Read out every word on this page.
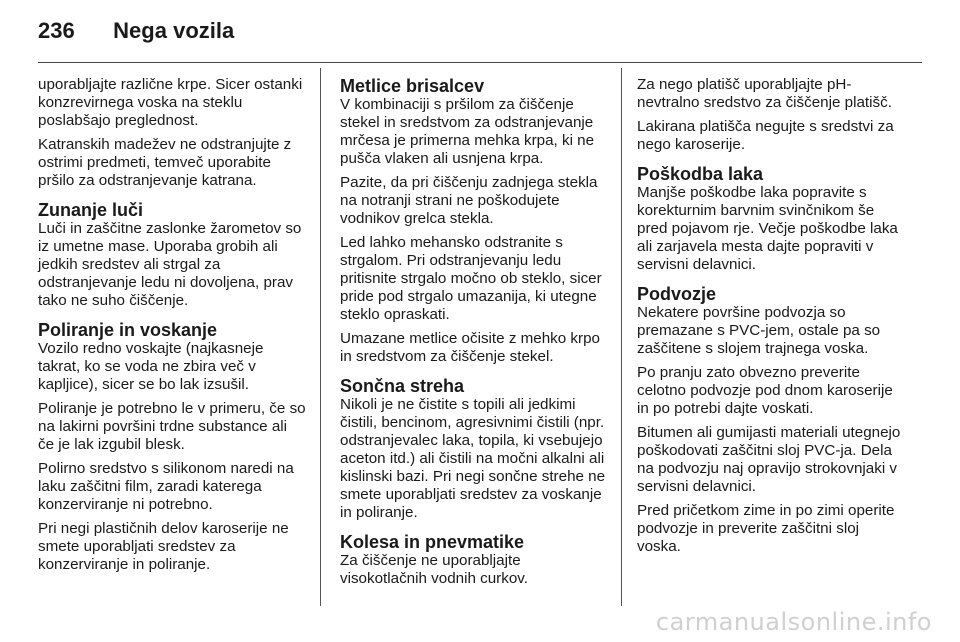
236 Nega vozila

uporabljajte različne krpe. Sicer ostanki konzrevirnega voska na steklu poslabšajo preglednost.

Katranskih madežev ne odstranjujte z ostrimi predmeti, temveč uporabite pršilo za odstranjevanje katrana.

Zunanje luči

Luči in zaščitne zaslonke žarometov so iz umetne mase. Uporaba grobih ali jedkih sredstev ali strgal za odstranjevanje ledu ni dovoljena, prav tako ne suho čiščenje.

Poliranje in voskanje

Vozilo redno voskajte (najkasneje takrat, ko se voda ne zbira več v kapljice), sicer se bo lak izsušil.

Poliranje je potrebno le v primeru, če so na lakirni površini trdne substance ali če je lak izgubil blesk.

Polirno sredstvo s silikonom naredi na laku zaščitni film, zaradi katerega konzerviranje ni potrebno.

Pri negi plastičnih delov karoserije ne smete uporabljati sredstev za konzerviranje in poliranje.

Metlice brisalcev

V kombinaciji s pršilom za čiščenje stekel in sredstvom za odstranjevanje mrčesa je primerna mehka krpa, ki ne pušča vlaken ali usnjena krpa.

Pazite, da pri čiščenju zadnjega stekla na notranji strani ne poškodujete vodnikov grelca stekla.

Led lahko mehansko odstranite s strgalom. Pri odstranjevanju ledu pritisnite strgalo močno ob steklo, sicer pride pod strgalo umazanija, ki utegne steklo opraskati.

Umazane metlice očisite z mehko krpo in sredstvom za čiščenje stekel.

Sončna streha

Nikoli je ne čistite s topili ali jedkimi čistili, bencinom, agresivnimi čistili (npr. odstranjevalec laka, topila, ki vsebujejo aceton itd.) ali čistili na močni alkalni ali kislinski bazi. Pri negi sončne strehe ne smete uporabljati sredstev za voskanje in poliranje.

Kolesa in pnevmatike

Za čiščenje ne uporabljajte visokotlačnih vodnih curkov.

Za nego platišč uporabljajte pH-nevtralno sredstvo za čiščenje platišč.

Lakirana platišča negujte s sredstvi za nego karoserije.

Poškodba laka

Manjše poškodbe laka popravite s korekturnim barvnim svinčnikom še pred pojavom rje. Večje poškodbe laka ali zarjavela mesta dajte popraviti v servisni delavnici.

Podvozje

Nekatere površine podvozja so premazane s PVC-jem, ostale pa so zaščitene s slojem trajnega voska.

Po pranju zato obvezno preverite celotno podvozje pod dnom karoserije in po potrebi dajte voskati.

Bitumen ali gumijasti materiali utegnejo poškodovati zaščitni sloj PVC-ja. Dela na podvozju naj opravijo strokovnjaki v servisni delavnici.

Pred pričetkom zime in po zimi operite podvozje in preverite zaščitni sloj voska.

carmanualsonline.info
